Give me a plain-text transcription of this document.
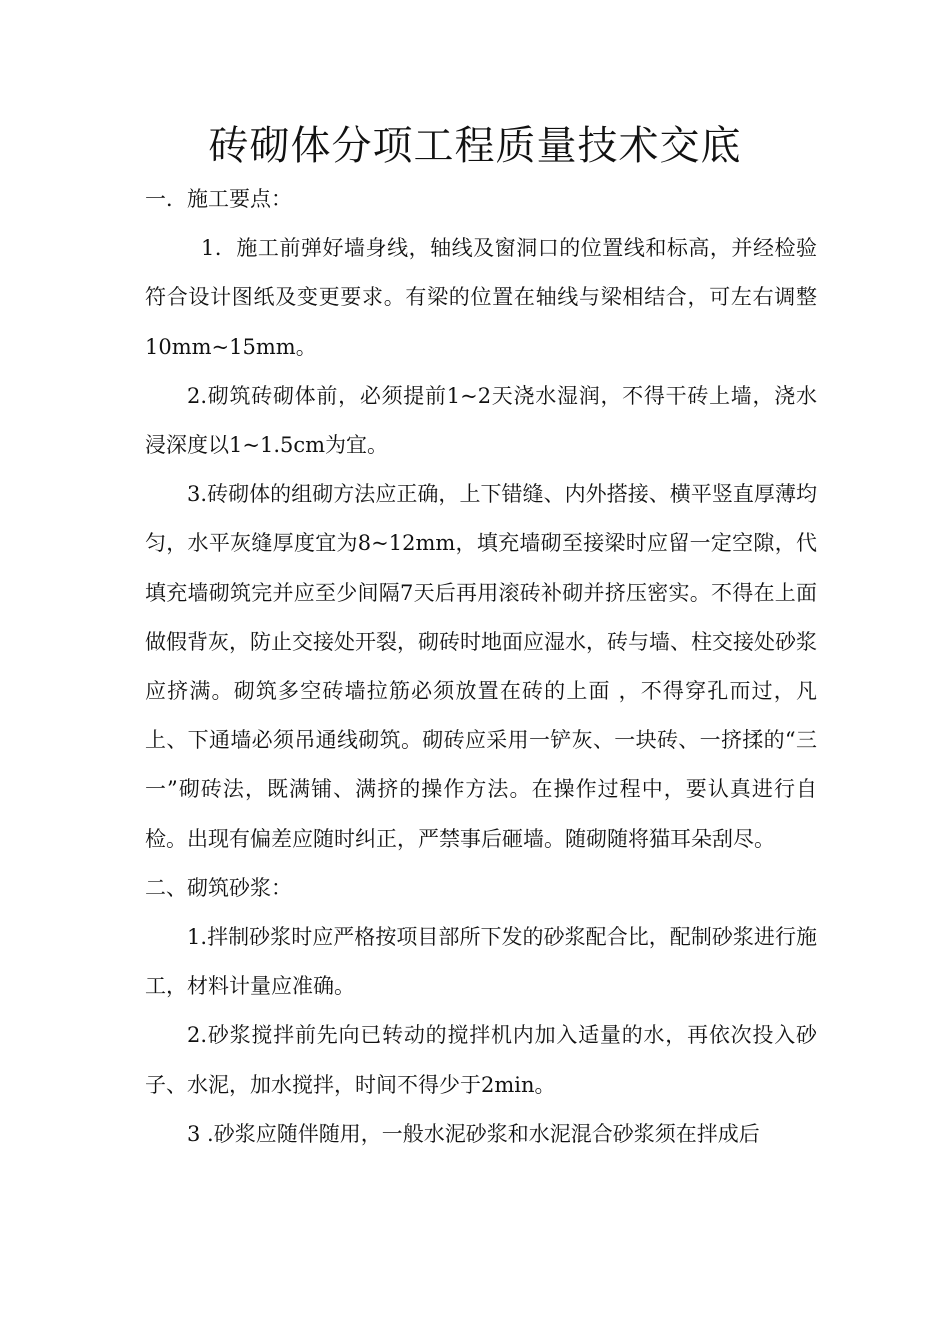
砖砌体分项工程质量技术交底

一．施工要点：

1．施工前弹好墙身线，轴线及窗洞口的位置线和标高，并经检验符合设计图纸及变更要求。有梁的位置在轴线与梁相结合，可左右调整10mm~15mm。

2.砌筑砖砌体前，必须提前1~2天浇水湿润，不得干砖上墙，浇水浸深度以1~1.5cm为宜。

3.砖砌体的组砌方法应正确，上下错缝、内外搭接、横平竖直厚薄均匀，水平灰缝厚度宜为8~12mm，填充墙砌至接梁时应留一定空隙，代填充墙砌筑完并应至少间隔7天后再用滚砖补砌并挤压密实。不得在上面做假背灰，防止交接处开裂，砌砖时地面应湿水，砖与墙、柱交接处砂浆应挤满。砌筑多空砖墙拉筋必须放置在砖的上面 ，不得穿孔而过，凡上、下通墙必须吊通线砌筑。砌砖应采用一铲灰、一块砖、一挤揉的“三一”砌砖法，既满铺、满挤的操作方法。在操作过程中，要认真进行自检。出现有偏差应随时纠正，严禁事后砸墙。随砌随将猫耳朵刮尽。

二、砌筑砂浆：

1.拌制砂浆时应严格按项目部所下发的砂浆配合比，配制砂浆进行施工，材料计量应准确。

2.砂浆搅拌前先向已转动的搅拌机内加入适量的水，再依次投入砂子、水泥，加水搅拌，时间不得少于2min。

3 .砂浆应随伴随用，一般水泥砂浆和水泥混合砂浆须在拌成后
